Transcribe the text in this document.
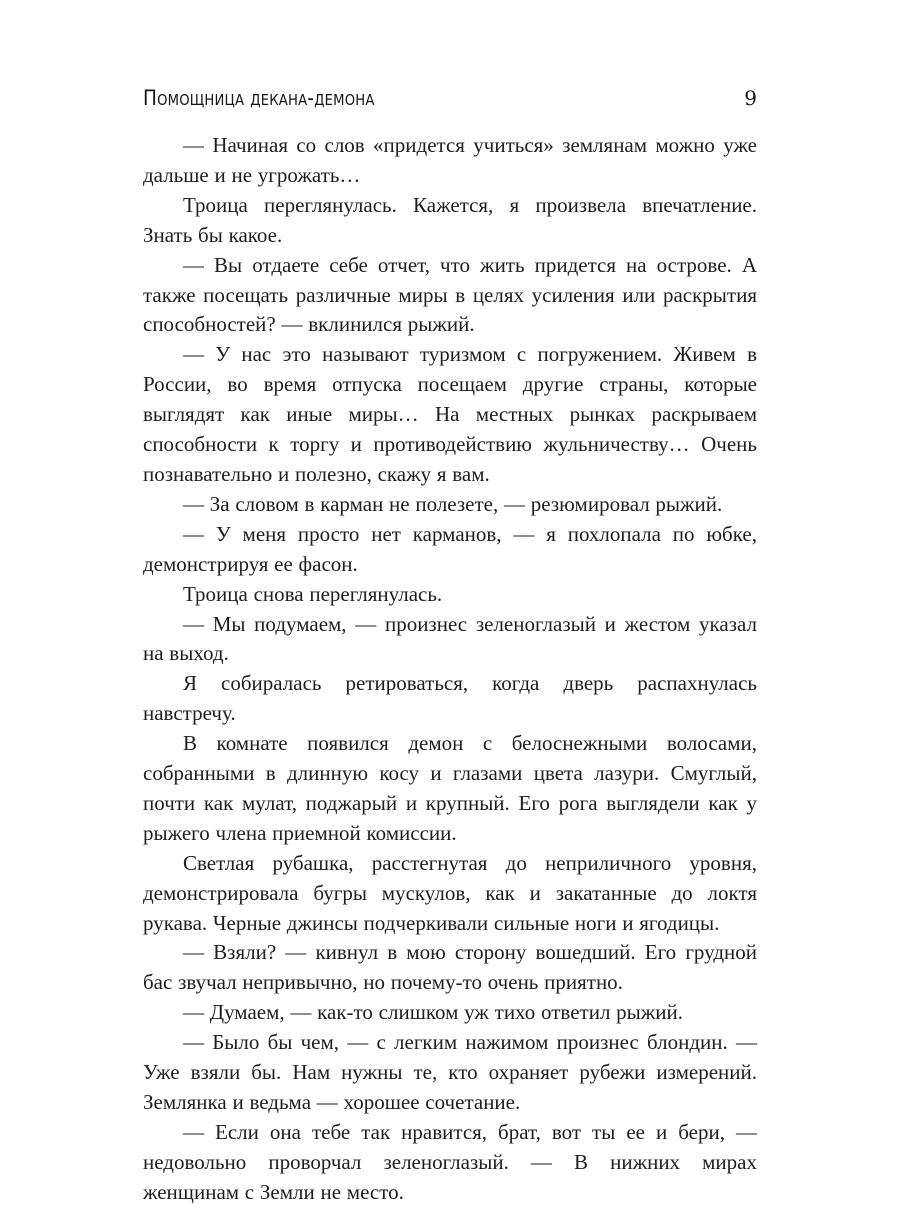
Помощница декана-демона	9

— Начиная со слов «придется учиться» землянам можно уже дальше и не угрожать…

Троица переглянулась. Кажется, я произвела впечатление. Знать бы какое.

— Вы отдаете себе отчет, что жить придется на острове. А также посещать различные миры в целях усиления или раскрытия способностей? — вклинился рыжий.

— У нас это называют туризмом с погружением. Живем в России, во время отпуска посещаем другие страны, которые выглядят как иные миры… На местных рынках раскрываем способности к торгу и противодействию жульничеству… Очень познавательно и полезно, скажу я вам.

— За словом в карман не полезете, — резюмировал рыжий.

— У меня просто нет карманов, — я похлопала по юбке, демонстрируя ее фасон.

Троица снова переглянулась.

— Мы подумаем, — произнес зеленоглазый и жестом указал на выход.

Я собиралась ретироваться, когда дверь распахнулась навстречу.

В комнате появился демон с белоснежными волосами, собранными в длинную косу и глазами цвета лазури. Смуглый, почти как мулат, поджарый и крупный. Его рога выглядели как у рыжего члена приемной комиссии.

Светлая рубашка, расстегнутая до неприличного уровня, демонстрировала бугры мускулов, как и закатанные до локтя рукава. Черные джинсы подчеркивали сильные ноги и ягодицы.

— Взяли? — кивнул в мою сторону вошедший. Его грудной бас звучал непривычно, но почему-то очень приятно.

— Думаем, — как-то слишком уж тихо ответил рыжий.

— Было бы чем, — с легким нажимом произнес блондин. — Уже взяли бы. Нам нужны те, кто охраняет рубежи измерений. Землянка и ведьма — хорошее сочетание.

— Если она тебе так нравится, брат, вот ты ее и бери, — недовольно проворчал зеленоглазый. — В нижних мирах женщинам с Земли не место.
